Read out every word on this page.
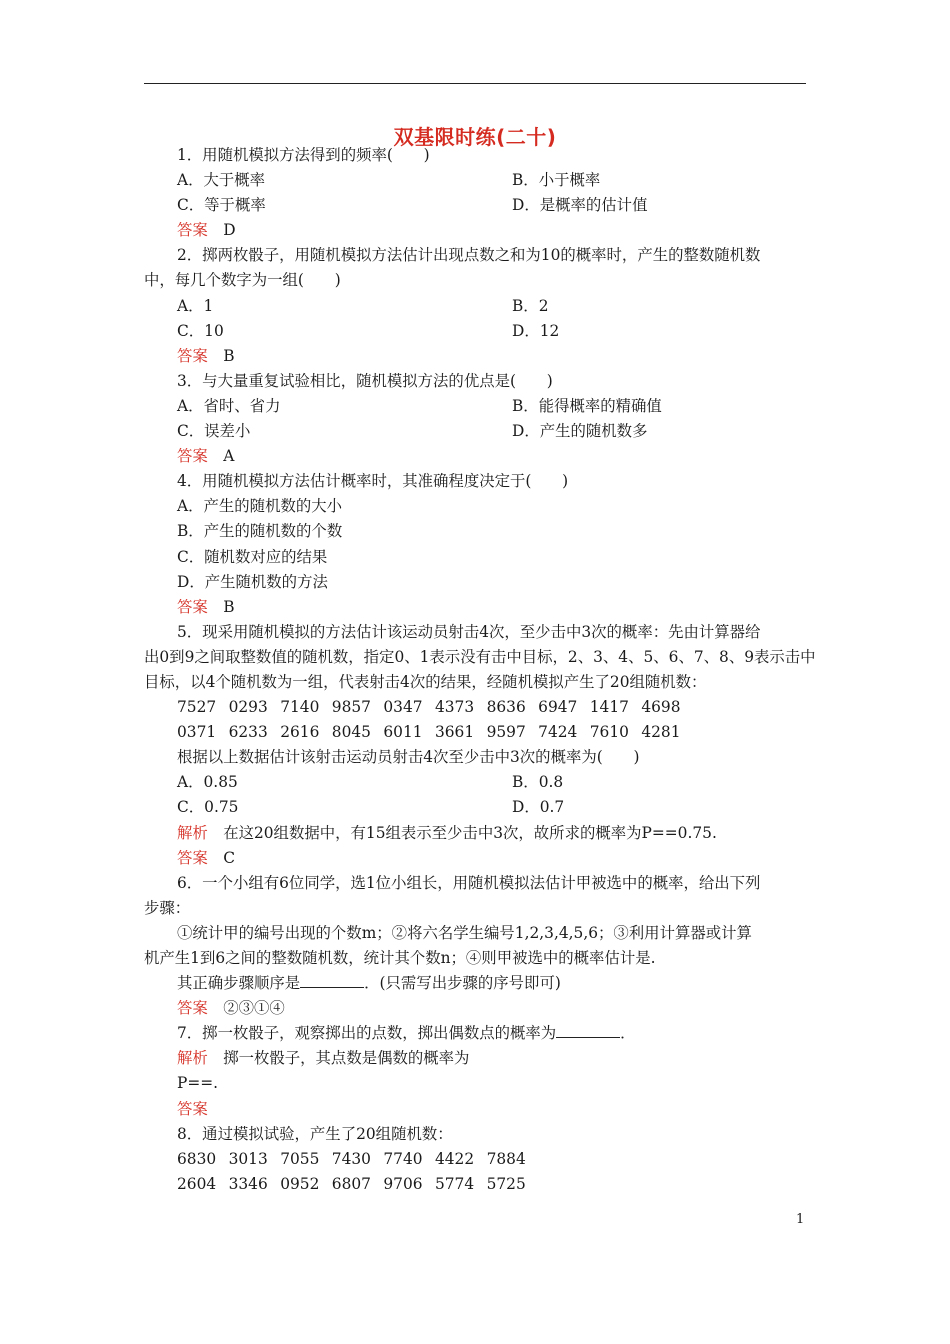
双基限时练(二十)
1．用随机模拟方法得到的频率(　　)
A．大于概率	B．小于概率
C．等于概率	D．是概率的估计值
答案　 D
2．掷两枚骰子，用随机模拟方法估计出现点数之和为10的概率时，产生的整数随机数
中，每几个数字为一组(　　)
A．1	B．2
C．10	D．12
答案　 B
3．与大量重复试验相比，随机模拟方法的优点是(　　)
A．省时、省力	B．能得概率的精确值
C．误差小	D．产生的随机数多
答案　 A
4．用随机模拟方法估计概率时，其准确程度决定于(　　)
A．产生的随机数的大小
B．产生的随机数的个数
C．随机数对应的结果
D．产生随机数的方法
答案　 B
5．现采用随机模拟的方法估计该运动员射击4次，至少击中3次的概率：先由计算器给
出0到9之间取整数值的随机数，指定0、1表示没有击中目标，2、3、4、5、6、7、8、9表示击中
目标，以4个随机数为一组，代表射击4次的结果，经随机模拟产生了20组随机数：
7527 0293 7140 9857 0347 4373 8636 6947 1417 4698
0371 6233 2616 8045 6011 3661 9597 7424 7610 4281
根据以上数据估计该射击运动员射击4次至少击中3次的概率为(　　)
A．0.85	B．0.8
C．0.75	D．0.7
解析　在这20组数据中，有15组表示至少击中3次，故所求的概率为P==0.75.
答案　 C
6．一个小组有6位同学，选1位小组长，用随机模拟法估计甲被选中的概率，给出下列
步骤：
①统计甲的编号出现的个数m；②将六名学生编号1,2,3,4,5,6；③利用计算器或计算
机产生1到6之间的整数随机数，统计其个数n；④则甲被选中的概率估计是.
其正确步骤顺序是	．(只需写出步骤的序号即可)
答案　 ②③①④
7．掷一枚骰子，观察掷出的点数，掷出偶数点的概率为	．
解析　掷一枚骰子，其点数是偶数的概率为
P==.
答案
8．通过模拟试验，产生了20组随机数：
6830 3013 7055 7430 7740 4422 7884
2604 3346 0952 6807 9706 5774 5725
1
